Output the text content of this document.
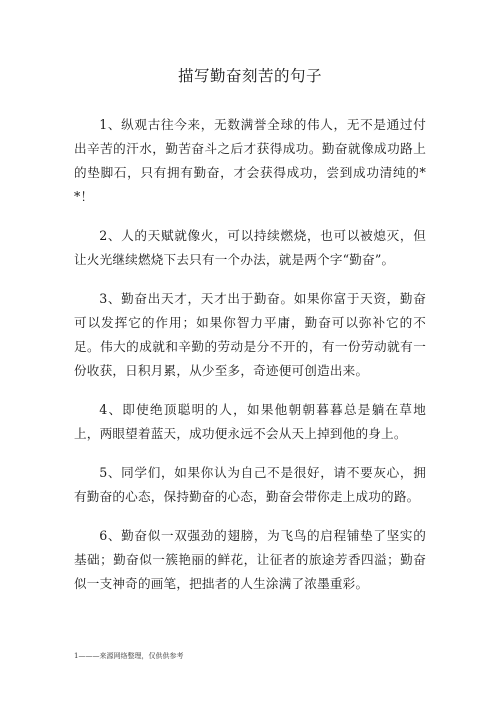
描写勤奋刻苦的句子

1、纵观古往今来，无数满誉全球的伟人，无不是通过付出辛苦的汗水，勤苦奋斗之后才获得成功。勤奋就像成功路上的垫脚石，只有拥有勤奋，才会获得成功，尝到成功清纯的**！

2、人的天赋就像火，可以持续燃烧，也可以被熄灭，但让火光继续燃烧下去只有一个办法，就是两个字“勤奋”。

3、勤奋出天才，天才出于勤奋。如果你富于天资，勤奋可以发挥它的作用；如果你智力平庸，勤奋可以弥补它的不足。伟大的成就和辛勤的劳动是分不开的，有一份劳动就有一份收获，日积月累，从少至多，奇迹便可创造出来。

4、即使绝顶聪明的人，如果他朝朝暮暮总是躺在草地上，两眼望着蓝天，成功便永远不会从天上掉到他的身上。

5、同学们，如果你认为自己不是很好，请不要灰心，拥有勤奋的心态，保持勤奋的心态，勤奋会带你走上成功的路。

6、勤奋似一双强劲的翅膀，为飞鸟的启程铺垫了坚实的基础；勤奋似一簇艳丽的鲜花，让征者的旅途芳香四溢；勤奋似一支神奇的画笔，把拙者的人生涂满了浓墨重彩。

1———来源网络整理，仅供供参考
